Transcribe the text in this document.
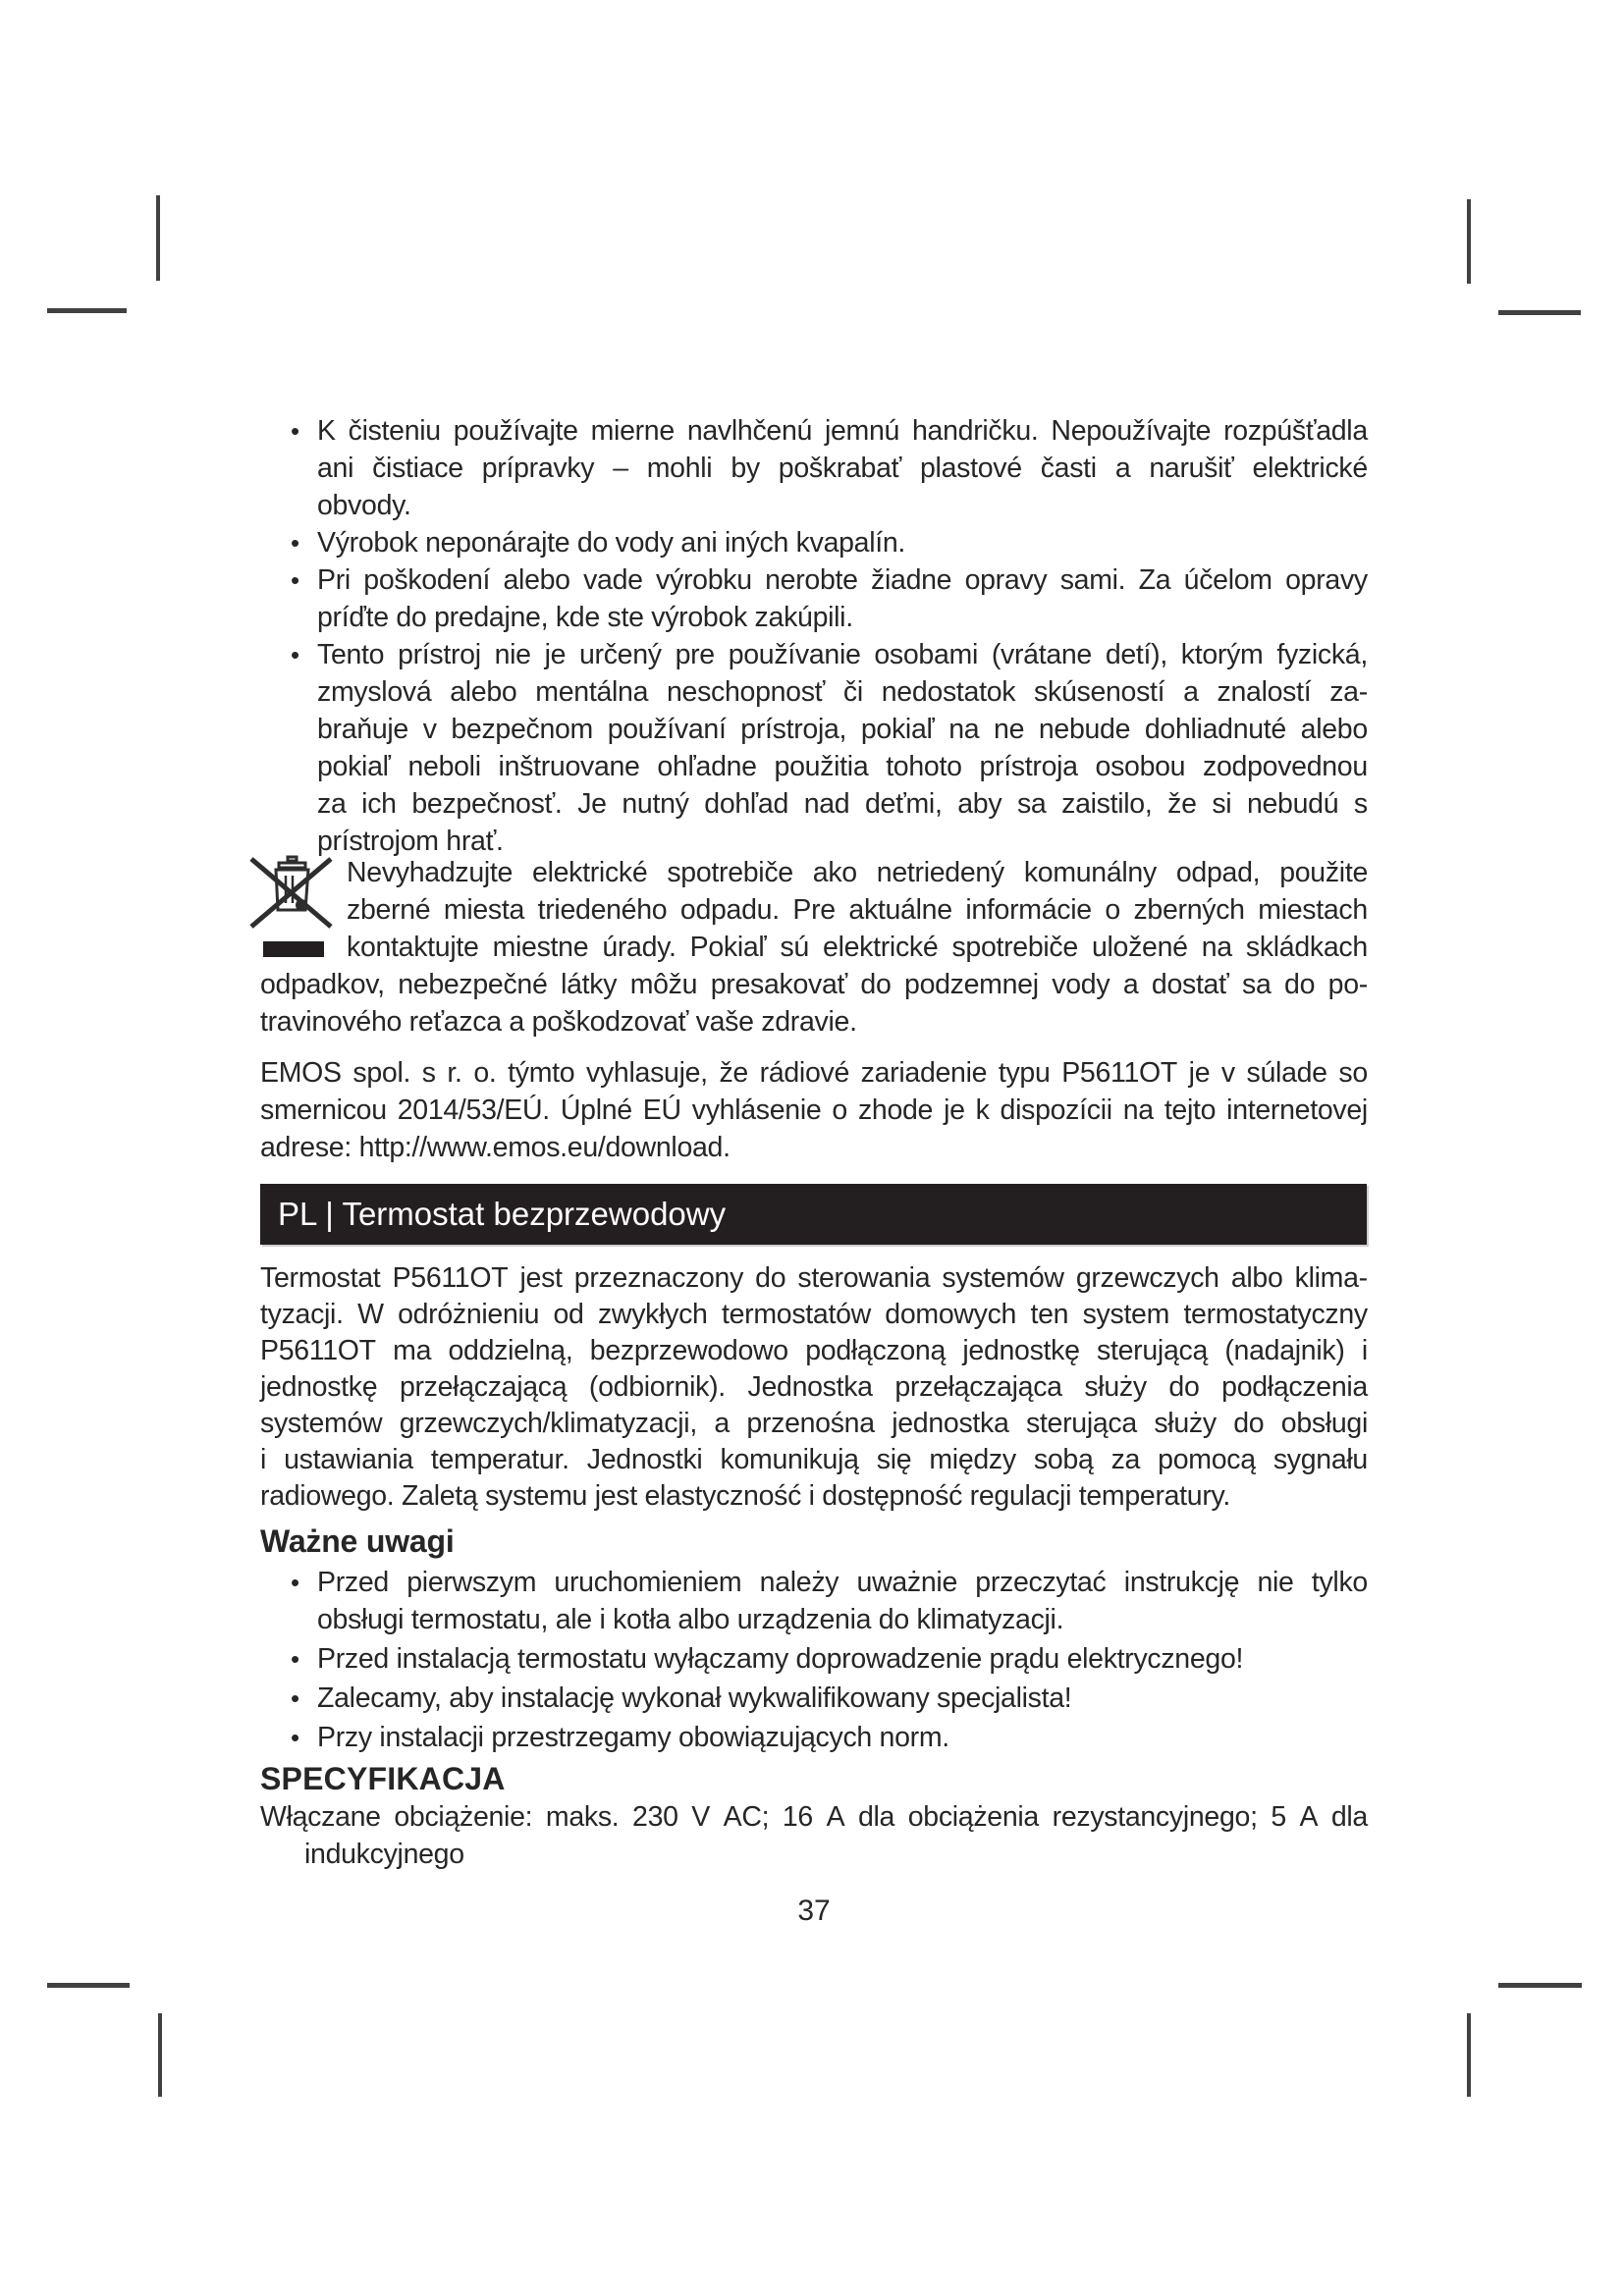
• K čisteniu používajte mierne navlhčenú jemnú handričku. Nepoužívajte rozpúšťadla
ani čistiace prípravky – mohli by poškrabať plastové časti a narušiť elektrické
obvody.
• Výrobok neponárajte do vody ani iných kvapalín.
• Pri poškodení alebo vade výrobku nerobte žiadne opravy sami. Za účelom opravy
príďte do predajne, kde ste výrobok zakúpili.
• Tento prístroj nie je určený pre používanie osobami (vrátane detí), ktorým fyzická,
zmyslová alebo mentálna neschopnosť či nedostatok skúseností a znalostí za-
braňuje v bezpečnom používaní prístroja, pokiaľ na ne nebude dohliadnuté alebo
pokiaľ neboli inštruovane ohľadne použitia tohoto prístroja osobou zodpovednou
za ich bezpečnosť. Je nutný dohľad nad deťmi, aby sa zaistilo, že si nebudú s
prístrojom hrať.
Nevyhadzujte elektrické spotrebiče ako netriedený komunálny odpad, použite
zberné miesta triedeného odpadu. Pre aktuálne informácie o zberných miestach
kontaktujte miestne úrady. Pokiaľ sú elektrické spotrebiče uložené na skládkach
odpadkov, nebezpečné látky môžu presakovať do podzemnej vody a dostať sa do po-
travinového reťazca a poškodzovať vaše zdravie.
EMOS spol. s r. o. týmto vyhlasuje, že rádiové zariadenie typu P5611OT je v súlade so
smernicou 2014/53/EÚ. Úplné EÚ vyhlásenie o zhode je k dispozícii na tejto internetovej
adrese: http://www.emos.eu/download.
PL | Termostat bezprzewodowy
Termostat P5611OT jest przeznaczony do sterowania systemów grzewczych albo klima-
tyzacji. W odróżnieniu od zwykłych termostatów domowych ten system termostatyczny
P5611OT ma oddzielną, bezprzewodowo podłączoną jednostkę sterującą (nadajnik) i
jednostkę przełączającą (odbiornik). Jednostka przełączająca służy do podłączenia
systemów grzewczych/klimatyzacji, a przenośna jednostka sterująca służy do obsługi
i ustawiania temperatur. Jednostki komunikują się między sobą za pomocą sygnału
radiowego. Zaletą systemu jest elastyczność i dostępność regulacji temperatury.
Ważne uwagi
• Przed pierwszym uruchomieniem należy uważnie przeczytać instrukcję nie tylko
obsługi termostatu, ale i kotła albo urządzenia do klimatyzacji.
• Przed instalacją termostatu wyłączamy doprowadzenie prądu elektrycznego!
• Zalecamy, aby instalację wykonał wykwalifikowany specjalista!
• Przy instalacji przestrzegamy obowiązujących norm.
SPECYFIKACJA
Włączane obciążenie: maks. 230 V AC; 16 A dla obciążenia rezystancyjnego; 5 A dla
indukcyjnego
37
